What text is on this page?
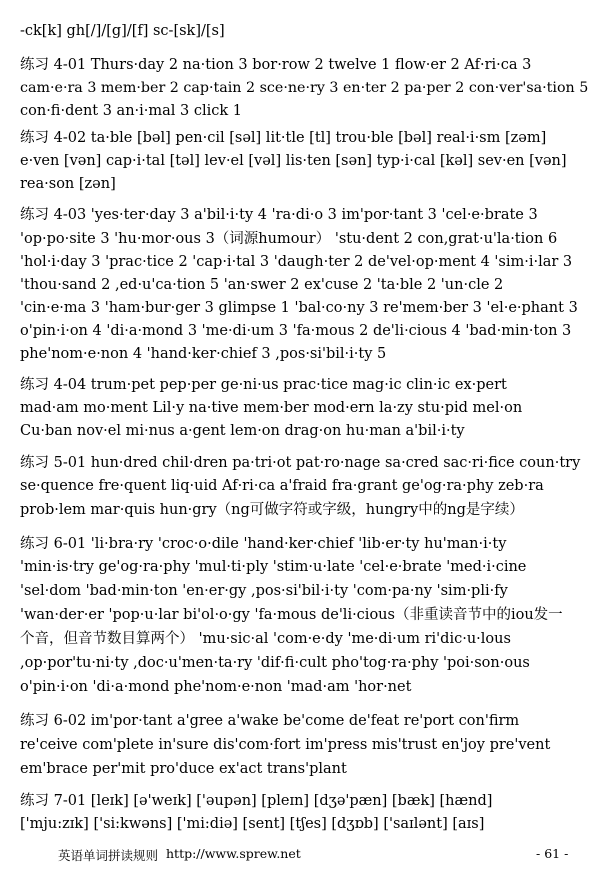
-ck[k] gh[/]/[g]/[f] sc-[sk]/[s]
练习 4-01 Thurs·day 2 na·tion 3 bor·row 2 twelve 1 flow·er 2 Af·ri·ca 3
cam·e·ra 3 mem·ber 2 cap·tain 2 sce·ne·ry 3 en·ter 2 pa·per 2 con·ver'sa·tion 5
con·fi·dent 3 an·i·mal 3 click 1
练习 4-02 ta·ble [bəl] pen·cil [səl] lit·tle [tl] trou·ble [bəl] real·i·sm [zəm]
e·ven [vən] cap·i·tal [təl] lev·el [vəl] lis·ten [sən] typ·i·cal [kəl] sev·en [vən]
rea·son [zən]
练习 4-03 'yes·ter·day 3 a'bil·i·ty 4 'ra·di·o 3 im'por·tant 3 'cel·e·brate 3
'op·po·site 3 'hu·mor·ous 3（词源humour） 'stu·dent 2 con,grat·u'la·tion 6
'hol·i·day 3 'prac·tice 2 'cap·i·tal 3 'daugh·ter 2 de'vel·op·ment 4 'sim·i·lar 3
'thou·sand 2 ,ed·u'ca·tion 5 'an·swer 2 ex'cuse 2 'ta·ble 2 'un·cle 2
'cin·e·ma 3 'ham·bur·ger 3 glimpse 1 'bal·co·ny 3 re'mem·ber 3 'el·e·phant 3
o'pin·i·on 4 'di·a·mond 3 'me·di·um 3 'fa·mous 2 de'li·cious 4 'bad·min·ton 3
phe'nom·e·non 4 'hand·ker·chief 3 ,pos·si'bil·i·ty 5
练习 4-04 trum·pet pep·per ge·ni·us prac·tice mag·ic clin·ic ex·pert
mad·am mo·ment Lil·y na·tive mem·ber mod·ern la·zy stu·pid mel·on
Cu·ban nov·el mi·nus a·gent lem·on drag·on hu·man a'bil·i·ty
练习 5-01 hun·dred chil·dren pa·tri·ot pat·ro·nage sa·cred sac·ri·fice coun·try
se·quence fre·quent liq·uid Af·ri·ca a'fraid fra·grant ge'og·ra·phy zeb·ra
prob·lem mar·quis hun·gry（ng可做字符或字级，hungry中的ng是字续）
练习 6-01 'li·bra·ry 'croc·o·dile 'hand·ker·chief 'lib·er·ty hu'man·i·ty
'min·is·try ge'og·ra·phy 'mul·ti·ply 'stim·u·late 'cel·e·brate 'med·i·cine
'sel·dom 'bad·min·ton 'en·er·gy ,pos·si'bil·i·ty 'com·pa·ny 'sim·pli·fy
'wan·der·er 'pop·u·lar bi'ol·o·gy 'fa·mous de'li·cious（非重读音节中的iou发一
个音，但音节数目算两个） 'mu·sic·al 'com·e·dy 'me·di·um ri'dic·u·lous
,op·por'tu·ni·ty ,doc·u'men·ta·ry 'dif·fi·cult pho'tog·ra·phy 'poi·son·ous
o'pin·i·on 'di·a·mond phe'nom·e·non 'mad·am 'hor·net
练习 6-02 im'por·tant a'gree a'wake be'come de'feat re'port con'firm
re'ceive com'plete in'sure dis'com·fort im'press mis'trust en'joy pre'vent
em'brace per'mit pro'duce ex'act trans'plant
练习 7-01 [leɪk] [ə'weɪk] ['əupən] [pleɪn] [dʒə'pæn] [bæk] [hænd]
['mju:zɪk] ['si:kwəns] ['mi:diə] [sent] [tʃes] [dʒɒb] ['saɪlənt] [aɪs]
英语单词拼读规则 http://www.sprew.net	- 61 -
